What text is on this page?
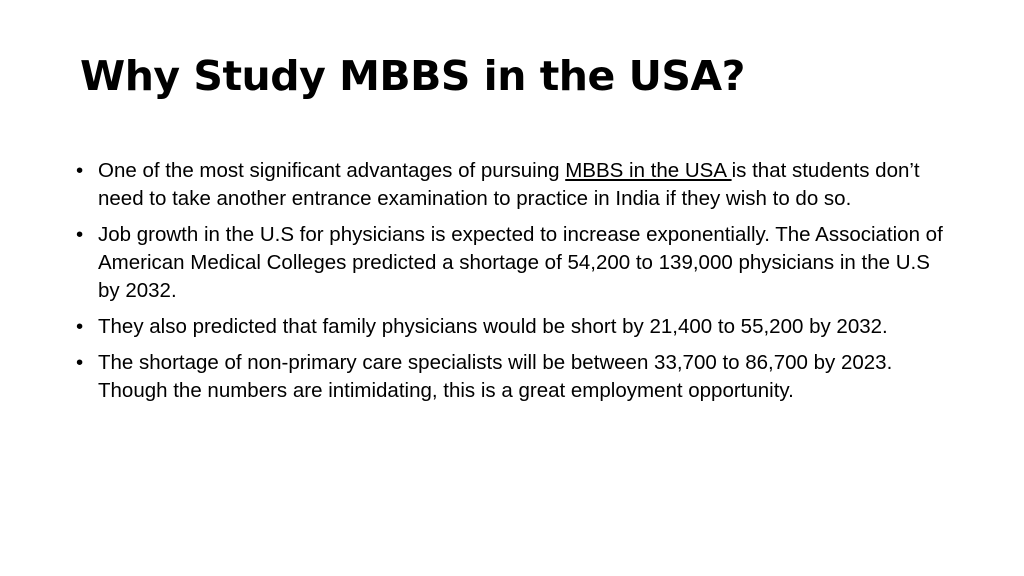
Why Study MBBS in the USA?
• One of the most significant advantages of pursuing MBBS in the USA is that students don’t need to take another entrance examination to practice in India if they wish to do so.
• Job growth in the U.S for physicians is expected to increase exponentially. The Association of American Medical Colleges predicted a shortage of 54,200 to 139,000 physicians in the U.S by 2032.
• They also predicted that family physicians would be short by 21,400 to 55,200 by 2032.
• The shortage of non-primary care specialists will be between 33,700 to 86,700 by 2023. Though the numbers are intimidating, this is a great employment opportunity.
